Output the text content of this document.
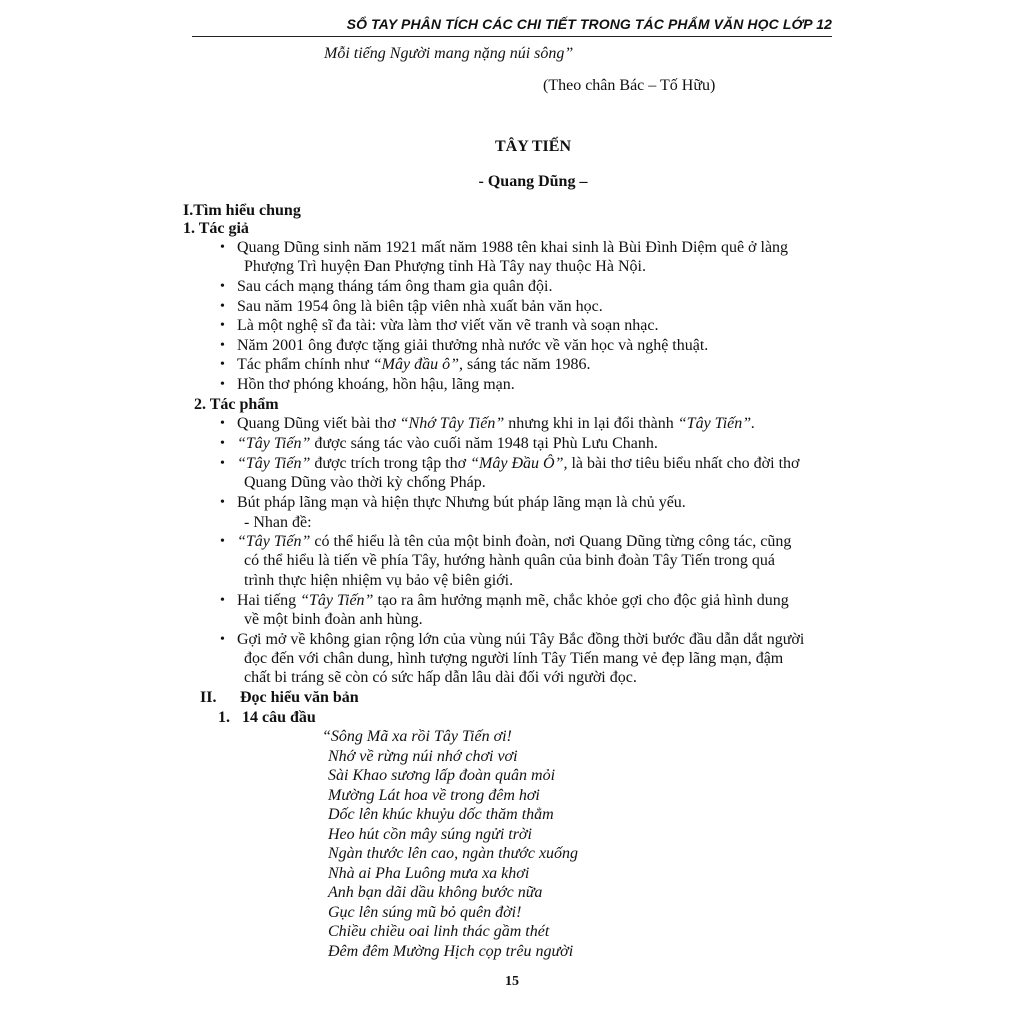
SỔ TAY PHÂN TÍCH CÁC CHI TIẾT TRONG TÁC PHẨM VĂN HỌC LỚP 12
Mỗi tiếng Người mang nặng núi sông”
(Theo chân Bác – Tố Hữu)
TÂY TIẾN
- Quang Dũng –
I.Tìm hiểu chung
1. Tác giả
• Quang Dũng sinh năm 1921 mất năm 1988 tên khai sinh là Bùi Đình Diệm quê ở làng
Phượng Trì huyện Đan Phượng tỉnh Hà Tây nay thuộc Hà Nội.
• Sau cách mạng tháng tám ông tham gia quân đội.
• Sau năm 1954 ông là biên tập viên nhà xuất bản văn học.
• Là một nghệ sĩ đa tài: vừa làm thơ viết văn vẽ tranh và soạn nhạc.
• Năm 2001 ông được tặng giải thưởng nhà nước về văn học và nghệ thuật.
• Tác phẩm chính như “Mây đầu ô”, sáng tác năm 1986.
• Hồn thơ phóng khoáng, hồn hậu, lãng mạn.
2. Tác phẩm
• Quang Dũng viết bài thơ “Nhớ Tây Tiến” nhưng khi in lại đổi thành “Tây Tiến”.
• “Tây Tiến” được sáng tác vào cuối năm 1948 tại Phù Lưu Chanh.
• “Tây Tiến” được trích trong tập thơ “Mây Đầu Ô”, là bài thơ tiêu biểu nhất cho đời thơ
Quang Dũng vào thời kỳ chống Pháp.
• Bút pháp lãng mạn và hiện thực Nhưng bút pháp lãng mạn là chủ yếu.
- Nhan đề:
• “Tây Tiến” có thể hiểu là tên của một binh đoàn, nơi Quang Dũng từng công tác, cũng
có thể hiểu là tiến về phía Tây, hướng hành quân của binh đoàn Tây Tiến trong quá
trình thực hiện nhiệm vụ bảo vệ biên giới.
• Hai tiếng “Tây Tiến” tạo ra âm hưởng mạnh mẽ, chắc khỏe gợi cho độc giả hình dung
về một binh đoàn anh hùng.
• Gợi mở về không gian rộng lớn của vùng núi Tây Bắc đồng thời bước đầu dẫn dắt người
đọc đến với chân dung, hình tượng người lính Tây Tiến mang vẻ đẹp lãng mạn, đậm
chất bi tráng sẽ còn có sức hấp dẫn lâu dài đối với người đọc.
II. Đọc hiểu văn bản
1. 14 câu đầu
“Sông Mã xa rồi Tây Tiến ơi!
Nhớ về rừng núi nhớ chơi vơi
Sài Khao sương lấp đoàn quân mỏi
Mường Lát hoa về trong đêm hơi
Dốc lên khúc khuỷu dốc thăm thẳm
Heo hút cồn mây súng ngửi trời
Ngàn thước lên cao, ngàn thước xuống
Nhà ai Pha Luông mưa xa khơi
Anh bạn dãi dầu không bước nữa
Gục lên súng mũ bỏ quên đời!
Chiều chiều oai linh thác gầm thét
Đêm đêm Mường Hịch cọp trêu người
15
